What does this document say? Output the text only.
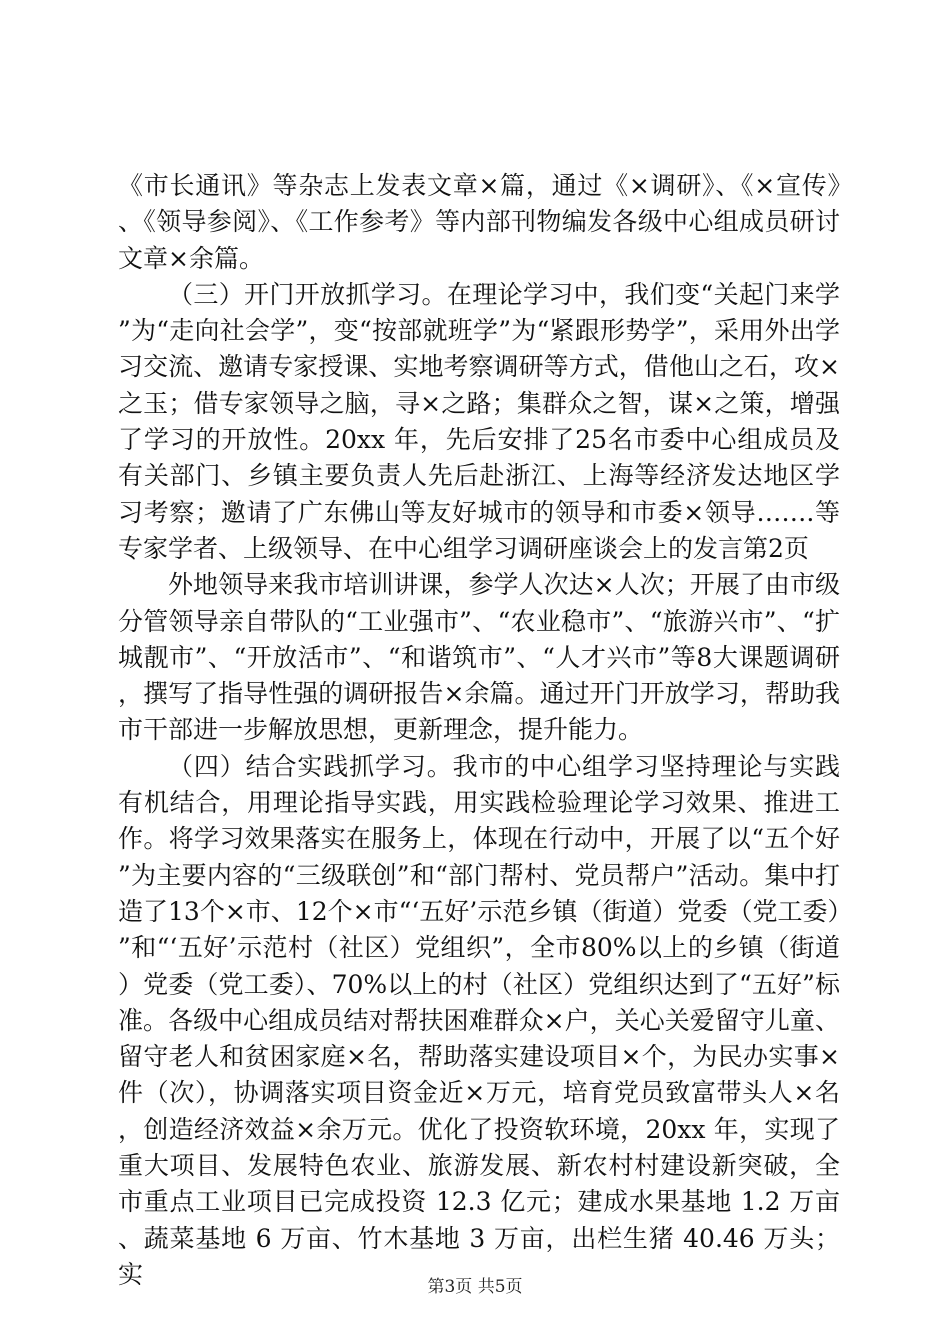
《市长通讯》等杂志上发表文章×篇，通过《×调研》、《×宣传》、《领导参阅》、《工作参考》等内部刊物编发各级中心组成员研讨文章×余篇。

（三）开门开放抓学习。在理论学习中，我们变“关起门来学”为“走向社会学”，变“按部就班学”为“紧跟形势学”，采用外出学习交流、邀请专家授课、实地考察调研等方式，借他山之石，攻×之玉；借专家领导之脑，寻×之路；集群众之智，谋×之策，增强了学习的开放性。20xx 年，先后安排了25名市委中心组成员及有关部门、乡镇主要负责人先后赴浙江、上海等经济发达地区学习考察；邀请了广东佛山等友好城市的领导和市委×领导…….等专家学者、上级领导、在中心组学习调研座谈会上的发言第2页

外地领导来我市培训讲课，参学人次达×人次；开展了由市级分管领导亲自带队的“工业强市”、“农业稳市”、“旅游兴市”、“扩城靓市”、“开放活市”、“和谐筑市”、“人才兴市”等8大课题调研，撰写了指导性强的调研报告×余篇。通过开门开放学习，帮助我市干部进一步解放思想，更新理念，提升能力。

（四）结合实践抓学习。我市的中心组学习坚持理论与实践有机结合，用理论指导实践，用实践检验理论学习效果、推进工作。将学习效果落实在服务上，体现在行动中，开展了以“五个好”为主要内容的“三级联创”和“部门帮村、党员帮户”活动。集中打造了13个×市、12个×市“‘五好’示范乡镇（街道）党委（党工委）”和“‘五好’示范村（社区）党组织”，全市80%以上的乡镇（街道）党委（党工委）、70%以上的村（社区）党组织达到了“五好”标准。各级中心组成员结对帮扶困难群众×户，关心关爱留守儿童、留守老人和贫困家庭×名，帮助落实建设项目×个，为民办实事×件（次），协调落实项目资金近×万元，培育党员致富带头人×名，创造经济效益×余万元。优化了投资软环境，20xx 年，实现了重大项目、发展特色农业、旅游发展、新农村村建设新突破，全市重点工业项目已完成投资 12.3 亿元；建成水果基地 1.2 万亩、蔬菜基地 6 万亩、竹木基地 3 万亩，出栏生猪 40.46 万头；实	第3页 共5页
